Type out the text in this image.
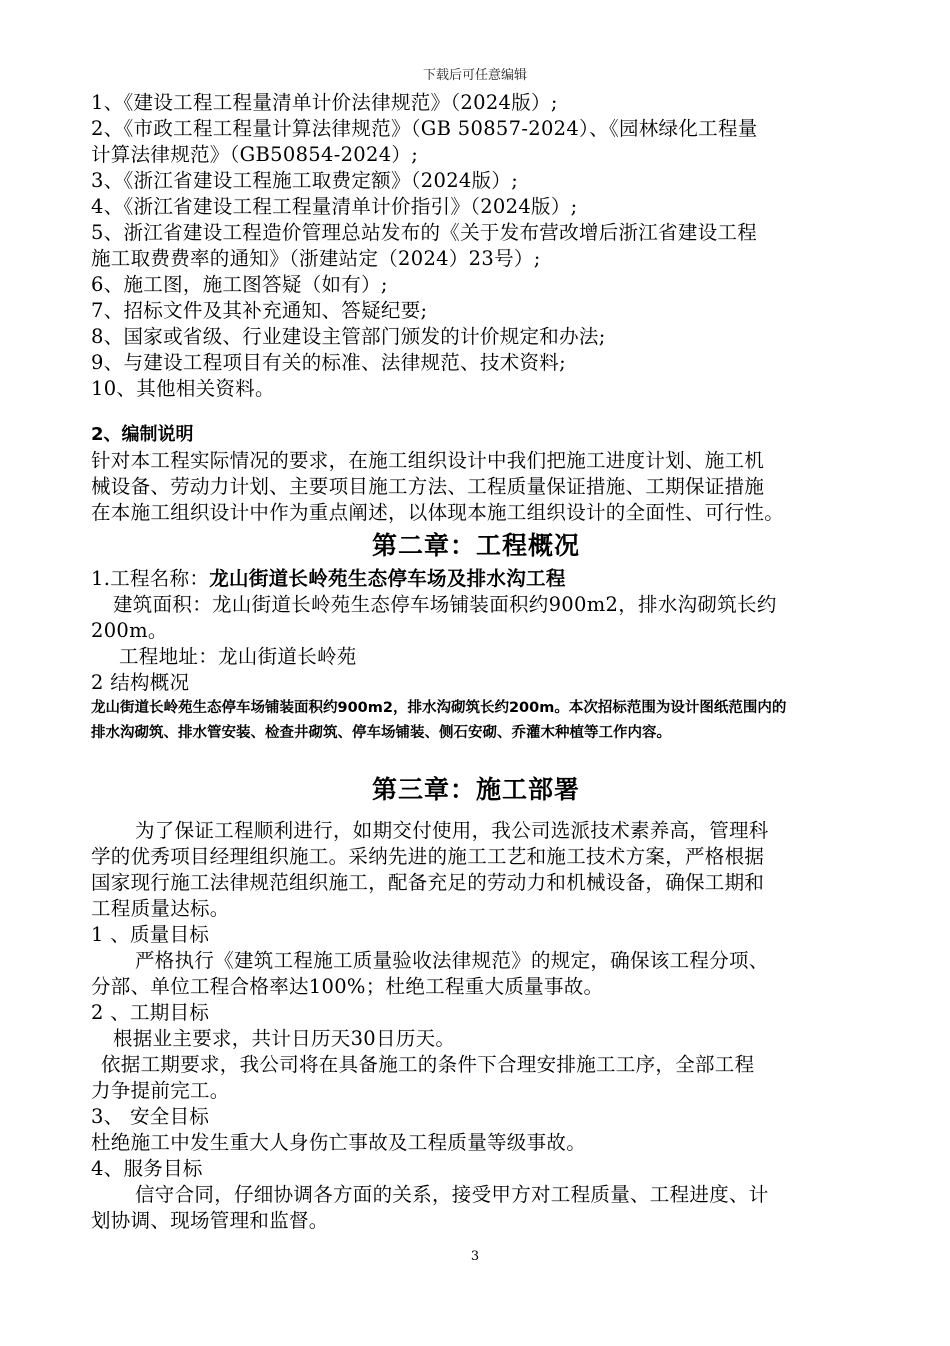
下载后可任意编辑
1、《建设工程工程量清单计价法律规范》（2024版）;
2、《市政工程工程量计算法律规范》（GB 50857-2024）、《园林绿化工程量
计算法律规范》（GB50854-2024）;
3、《浙江省建设工程施工取费定额》（2024版）;
4、《浙江省建设工程工程量清单计价指引》（2024版）;
5、浙江省建设工程造价管理总站发布的《关于发布营改增后浙江省建设工程
施工取费费率的通知》（浙建站定（2024）23号）;
6、施工图，施工图答疑（如有）;
7、招标文件及其补充通知、答疑纪要;
8、国家或省级、行业建设主管部门颁发的计价规定和办法;
9、与建设工程项目有关的标准、法律规范、技术资料;
10、其他相关资料。
2、编制说明
针对本工程实际情况的要求，在施工组织设计中我们把施工进度计划、施工机
械设备、劳动力计划、主要项目施工方法、工程质量保证措施、工期保证措施
在本施工组织设计中作为重点阐述，以体现本施工组织设计的全面性、可行性。
第二章：工程概况
1.工程名称：龙山街道长岭苑生态停车场及排水沟工程
建筑面积：龙山街道长岭苑生态停车场铺装面积约900m2，排水沟砌筑长约
200m。
工程地址：龙山街道长岭苑
2 结构概况
龙山街道长岭苑生态停车场铺装面积约900m2，排水沟砌筑长约200m。本次招标范围为设计图纸范围内的
排水沟砌筑、排水管安装、检查井砌筑、停车场铺装、侧石安砌、乔灌木种植等工作内容。
第三章：施工部署
为了保证工程顺利进行，如期交付使用，我公司选派技术素养高，管理科
学的优秀项目经理组织施工。采纳先进的施工工艺和施工技术方案，严格根据
国家现行施工法律规范组织施工，配备充足的劳动力和机械设备，确保工期和
工程质量达标。
1 、质量目标
严格执行《建筑工程施工质量验收法律规范》的规定，确保该工程分项、
分部、单位工程合格率达100%；杜绝工程重大质量事故。
2 、工期目标
根据业主要求，共计日历天30日历天。
依据工期要求，我公司将在具备施工的条件下合理安排施工工序，全部工程
力争提前完工。
3、 安全目标
杜绝施工中发生重大人身伤亡事故及工程质量等级事故。
4、服务目标
信守合同，仔细协调各方面的关系，接受甲方对工程质量、工程进度、计
划协调、现场管理和监督。
3
